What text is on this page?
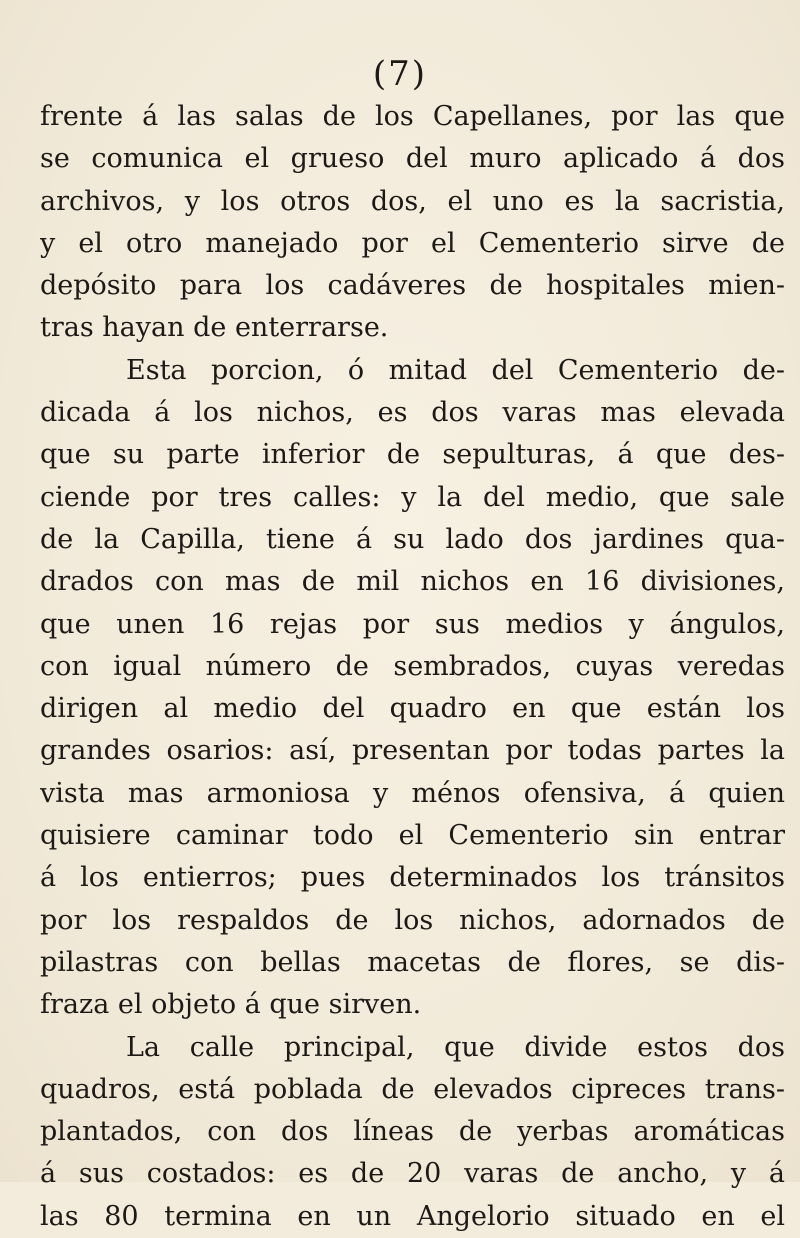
(7)
frente á las salas de los Capellanes, por las que
se comunica el grueso del muro aplicado á dos
archivos, y los otros dos, el uno es la sacristia,
y el otro manejado por el Cementerio sirve de
depósito para los cadáveres de hospitales mien-
tras hayan de enterrarse.
Esta porcion, ó mitad del Cementerio de-
dicada á los nichos, es dos varas mas elevada
que su parte inferior de sepulturas, á que des-
ciende por tres calles: y la del medio, que sale
de la Capilla, tiene á su lado dos jardines qua-
drados con mas de mil nichos en 16 divisiones,
que unen 16 rejas por sus medios y ángulos,
con igual número de sembrados, cuyas veredas
dirigen al medio del quadro en que están los
grandes osarios: así, presentan por todas partes la
vista mas armoniosa y ménos ofensiva, á quien
quisiere caminar todo el Cementerio sin entrar
á los entierros; pues determinados los tránsitos
por los respaldos de los nichos, adornados de
pilastras con bellas macetas de flores, se dis-
fraza el objeto á que sirven.
La calle principal, que divide estos dos
quadros, está poblada de elevados cipreces trans-
plantados, con dos líneas de yerbas aromáticas
á sus costados: es de 20 varas de ancho, y á
las 80 termina en un Angelorio situado en el
